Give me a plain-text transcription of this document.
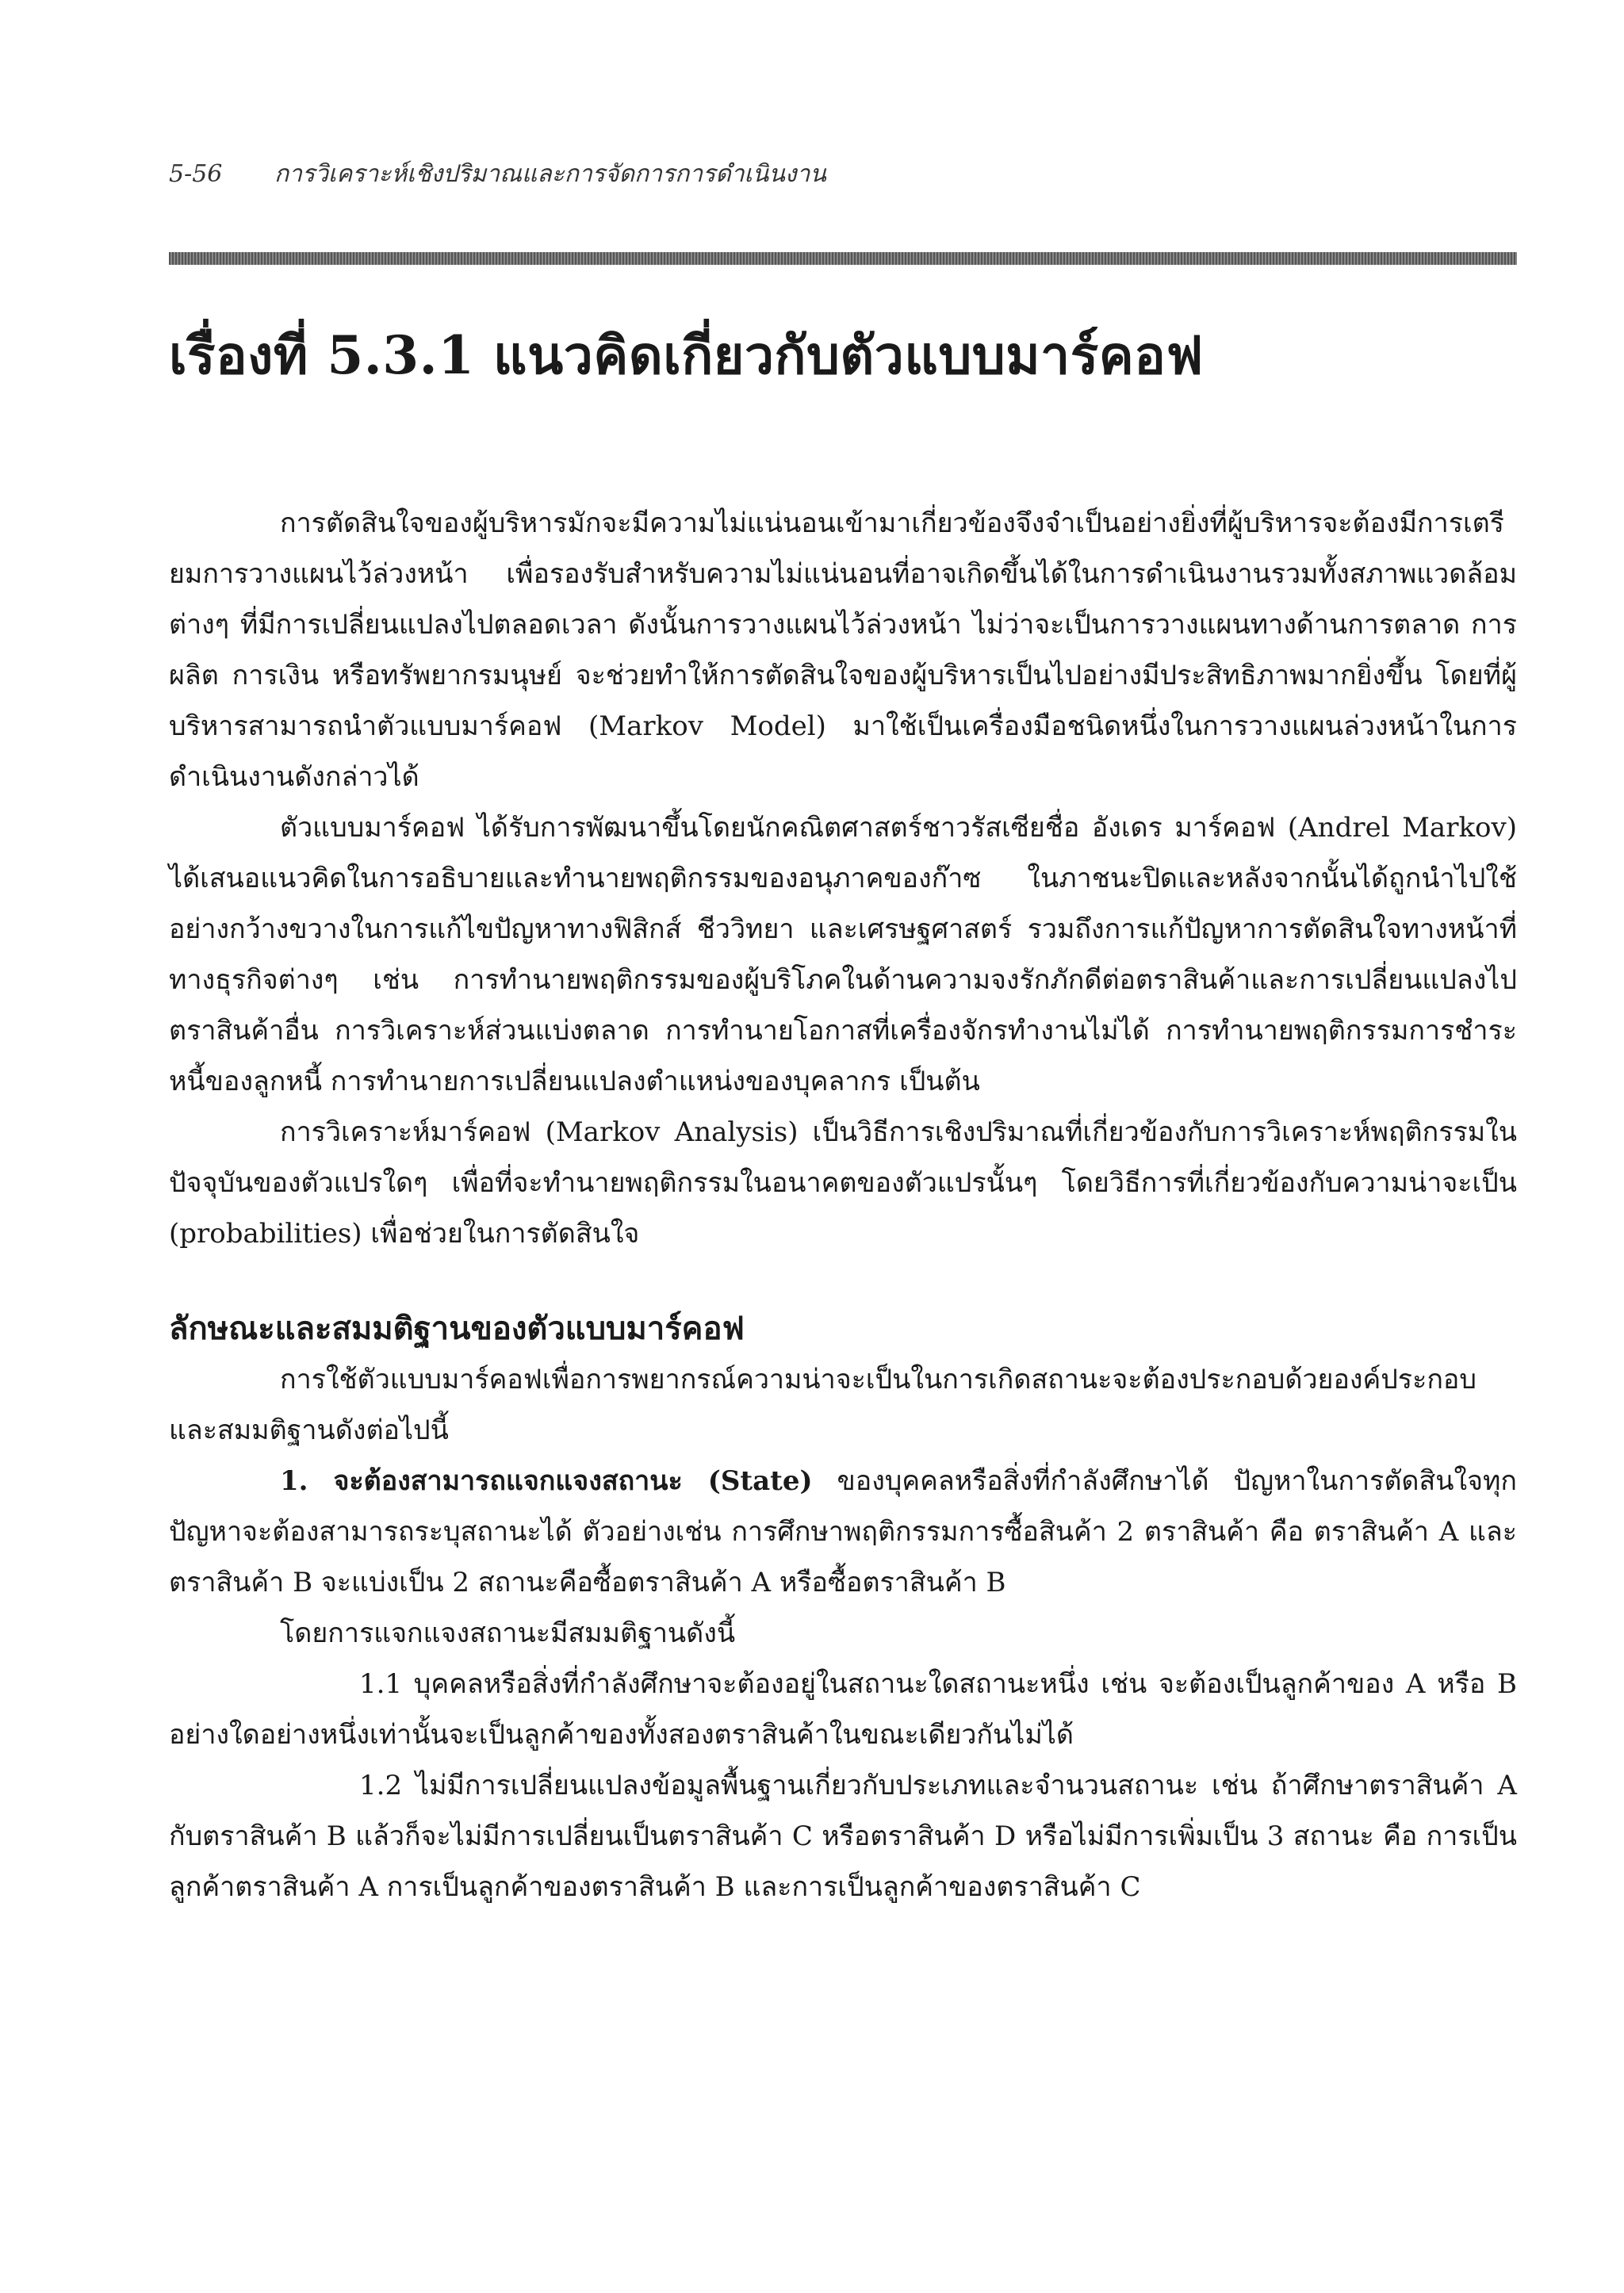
5-56 การวิเคราะห์เชิงปริมาณและการจัดการการดำเนินงาน
เรื่องที่ 5.3.1 แนวคิดเกี่ยวกับตัวแบบมาร์คอฟ

การตัดสินใจของผู้บริหารมักจะมีความไม่แน่นอนเข้ามาเกี่ยวข้องจึงจำเป็นอย่างยิ่งที่ผู้บริหารจะต้องมีการเตรียมการวางแผนไว้ล่วงหน้า เพื่อรองรับสำหรับความไม่แน่นอนที่อาจเกิดขึ้นได้ในการดำเนินงานรวมทั้งสภาพแวดล้อมต่างๆ ที่มีการเปลี่ยนแปลงไปตลอดเวลา ดังนั้นการวางแผนไว้ล่วงหน้า ไม่ว่าจะเป็นการวางแผนทางด้านการตลาด การผลิต การเงิน หรือทรัพยากรมนุษย์ จะช่วยทำให้การตัดสินใจของผู้บริหารเป็นไปอย่างมีประสิทธิภาพมากยิ่งขึ้น โดยที่ผู้บริหารสามารถนำตัวแบบมาร์คอฟ (Markov Model) มาใช้เป็นเครื่องมือชนิดหนึ่งในการวางแผนล่วงหน้าในการดำเนินงานดังกล่าวได้

ตัวแบบมาร์คอฟ ได้รับการพัฒนาขึ้นโดยนักคณิตศาสตร์ชาวรัสเซียชื่อ อังเดร มาร์คอฟ (Andrel Markov) ได้เสนอแนวคิดในการอธิบายและทำนายพฤติกรรมของอนุภาคของก๊าซ ในภาชนะปิดและหลังจากนั้นได้ถูกนำไปใช้อย่างกว้างขวางในการแก้ไขปัญหาทางฟิสิกส์ ชีววิทยา และเศรษฐศาสตร์ รวมถึงการแก้ปัญหาการตัดสินใจทางหน้าที่ทางธุรกิจต่างๆ เช่น การทำนายพฤติกรรมของผู้บริโภคในด้านความจงรักภักดีต่อตราสินค้าและการเปลี่ยนแปลงไปตราสินค้าอื่น การวิเคราะห์ส่วนแบ่งตลาด การทำนายโอกาสที่เครื่องจักรทำงานไม่ได้ การทำนายพฤติกรรมการชำระหนี้ของลูกหนี้ การทำนายการเปลี่ยนแปลงตำแหน่งของบุคลากร เป็นต้น

การวิเคราะห์มาร์คอฟ (Markov Analysis) เป็นวิธีการเชิงปริมาณที่เกี่ยวข้องกับการวิเคราะห์พฤติกรรมในปัจจุบันของตัวแปรใดๆ เพื่อที่จะทำนายพฤติกรรมในอนาคตของตัวแปรนั้นๆ โดยวิธีการที่เกี่ยวข้องกับความน่าจะเป็น (probabilities) เพื่อช่วยในการตัดสินใจ

ลักษณะและสมมติฐานของตัวแบบมาร์คอฟ

การใช้ตัวแบบมาร์คอฟเพื่อการพยากรณ์ความน่าจะเป็นในการเกิดสถานะจะต้องประกอบด้วยองค์ประกอบและสมมติฐานดังต่อไปนี้

1. จะต้องสามารถแจกแจงสถานะ (State) ของบุคคลหรือสิ่งที่กำลังศึกษาได้ ปัญหาในการตัดสินใจทุกปัญหาจะต้องสามารถระบุสถานะได้ ตัวอย่างเช่น การศึกษาพฤติกรรมการซื้อสินค้า 2 ตราสินค้า คือ ตราสินค้า A และตราสินค้า B จะแบ่งเป็น 2 สถานะคือซื้อตราสินค้า A หรือซื้อตราสินค้า B

โดยการแจกแจงสถานะมีสมมติฐานดังนี้

1.1 บุคคลหรือสิ่งที่กำลังศึกษาจะต้องอยู่ในสถานะใดสถานะหนึ่ง เช่น จะต้องเป็นลูกค้าของ A หรือ B อย่างใดอย่างหนึ่งเท่านั้นจะเป็นลูกค้าของทั้งสองตราสินค้าในขณะเดียวกันไม่ได้

1.2 ไม่มีการเปลี่ยนแปลงข้อมูลพื้นฐานเกี่ยวกับประเภทและจำนวนสถานะ เช่น ถ้าศึกษาตราสินค้า A กับตราสินค้า B แล้วก็จะไม่มีการเปลี่ยนเป็นตราสินค้า C หรือตราสินค้า D หรือไม่มีการเพิ่มเป็น 3 สถานะ คือ การเป็นลูกค้าตราสินค้า A การเป็นลูกค้าของตราสินค้า B และการเป็นลูกค้าของตราสินค้า C
